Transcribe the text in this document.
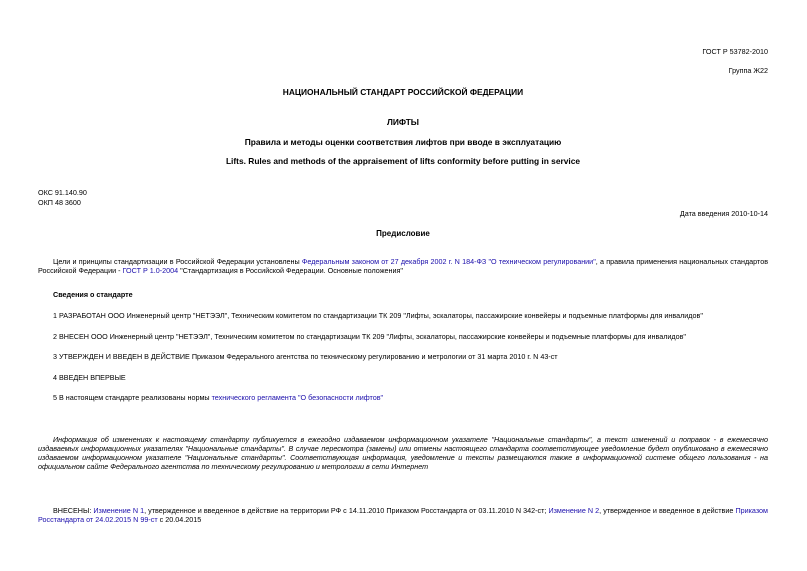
ГОСТ Р 53782-2010
Группа Ж22
НАЦИОНАЛЬНЫЙ СТАНДАРТ РОССИЙСКОЙ ФЕДЕРАЦИИ
ЛИФТЫ
Правила и методы оценки соответствия лифтов при вводе в эксплуатацию
Lifts. Rules and methods of the appraisement of lifts conformity before putting in service
ОКС 91.140.90
ОКП 48 3600
Дата введения 2010-10-14
Предисловие
Цели и принципы стандартизации в Российской Федерации установлены Федеральным законом от 27 декабря 2002 г. N 184-ФЗ "О техническом регулировании", а правила применения национальных стандартов Российской Федерации - ГОСТ Р 1.0-2004 "Стандартизация в Российской Федерации. Основные положения"
Сведения о стандарте
1 РАЗРАБОТАН ООО Инженерный центр "НЕТЭЭЛ", Техническим комитетом по стандартизации ТК 209 "Лифты, эскалаторы, пассажирские конвейеры и подъемные платформы для инвалидов"
2 ВНЕСЕН ООО Инженерный центр "НЕТЭЭЛ", Техническим комитетом по стандартизации ТК 209 "Лифты, эскалаторы, пассажирские конвейеры и подъемные платформы для инвалидов"
3 УТВЕРЖДЕН И ВВЕДЕН В ДЕЙСТВИЕ Приказом Федерального агентства по техническому регулированию и метрологии от 31 марта 2010 г. N 43-ст
4 ВВЕДЕН ВПЕРВЫЕ
5 В настоящем стандарте реализованы нормы технического регламента "О безопасности лифтов"
Информация об изменениях к настоящему стандарту публикуется в ежегодно издаваемом информационном указателе "Национальные стандарты", а текст изменений и поправок - в ежемесячно издаваемых информационных указателях "Национальные стандарты". В случае пересмотра (замены) или отмены настоящего стандарта соответствующее уведомление будет опубликовано в ежемесячно издаваемом информационном указателе "Национальные стандарты". Соответствующая информация, уведомление и тексты размещаются также в информационной системе общего пользования - на официальном сайте Федерального агентства по техническому регулированию и метрологии в сети Интернет
ВНЕСЕНЫ: Изменение N 1, утвержденное и введенное в действие на территории РФ с 14.11.2010 Приказом Росстандарта от 03.11.2010 N 342-ст; Изменение N 2, утвержденное и введенное в действие Приказом Росстандарта от 24.02.2015 N 99-ст с 20.04.2015
